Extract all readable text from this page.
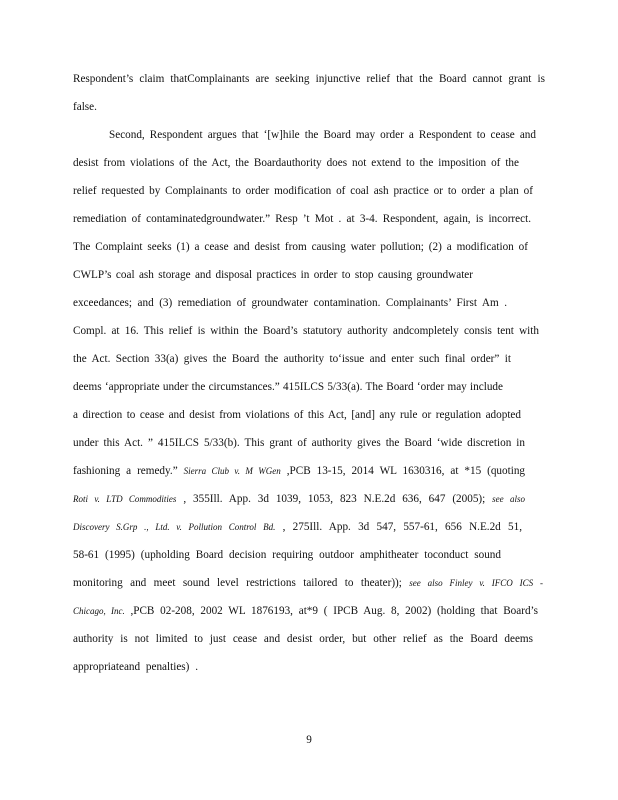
Respondent’s claim thatComplainants are seeking injunctive relief that the Board cannot grant is
false.
Second, Respondent argues that ‘[w]hile the Board may order a Respondent to cease and
desist from violations of the Act, the Boardauthority does not extend to the imposition of the
relief requested by Complainants to order modification of coal ash practice or to order a plan of
remediation of contaminatedgroundwater.” Resp ’t Mot . at 3-4. Respondent, again, is incorrect.
The Complaint seeks (1) a cease and desist from causing water pollution; (2) a modification of
CWLP’s coal ash storage and disposal practices in order to stop causing groundwater
exceedances; and (3) remediation of groundwater contamination. Complainants’ First Am .
Compl. at 16. This relief is within the Board’s statutory authority andcompletely consis tent with
the Act. Section 33(a) gives the Board the authority to‘issue and enter such final order” it
deems ‘appropriate under the circumstances.” 415ILCS 5/33(a). The Board ‘order may include
a direction to cease and desist from violations of this Act, [and] any rule or regulation adopted
under this Act. ” 415ILCS 5/33(b). This grant of authority gives the Board ‘wide discretion in
fashioning a remedy.” Sierra Club v. M WGen ,PCB 13-15, 2014 WL 1630316, at *15 (quoting
Roti v. LTD Commodities , 355Ill. App. 3d 1039, 1053, 823 N.E.2d 636, 647 (2005); see also
Discovery S.Grp ., Ltd. v. Pollution Control Bd. , 275Ill. App. 3d 547, 557-61, 656 N.E.2d 51,
58-61 (1995) (upholding Board decision requiring outdoor amphitheater toconduct sound
monitoring and meet sound level restrictions tailored to theater)); see also Finley v. IFCO ICS -
Chicago, Inc. ,PCB 02-208, 2002 WL 1876193, at*9 ( IPCB Aug. 8, 2002) (holding that Board’s
authority is not limited to just cease and desist order, but other relief as the Board deems
appropriateand penalties) .
9
